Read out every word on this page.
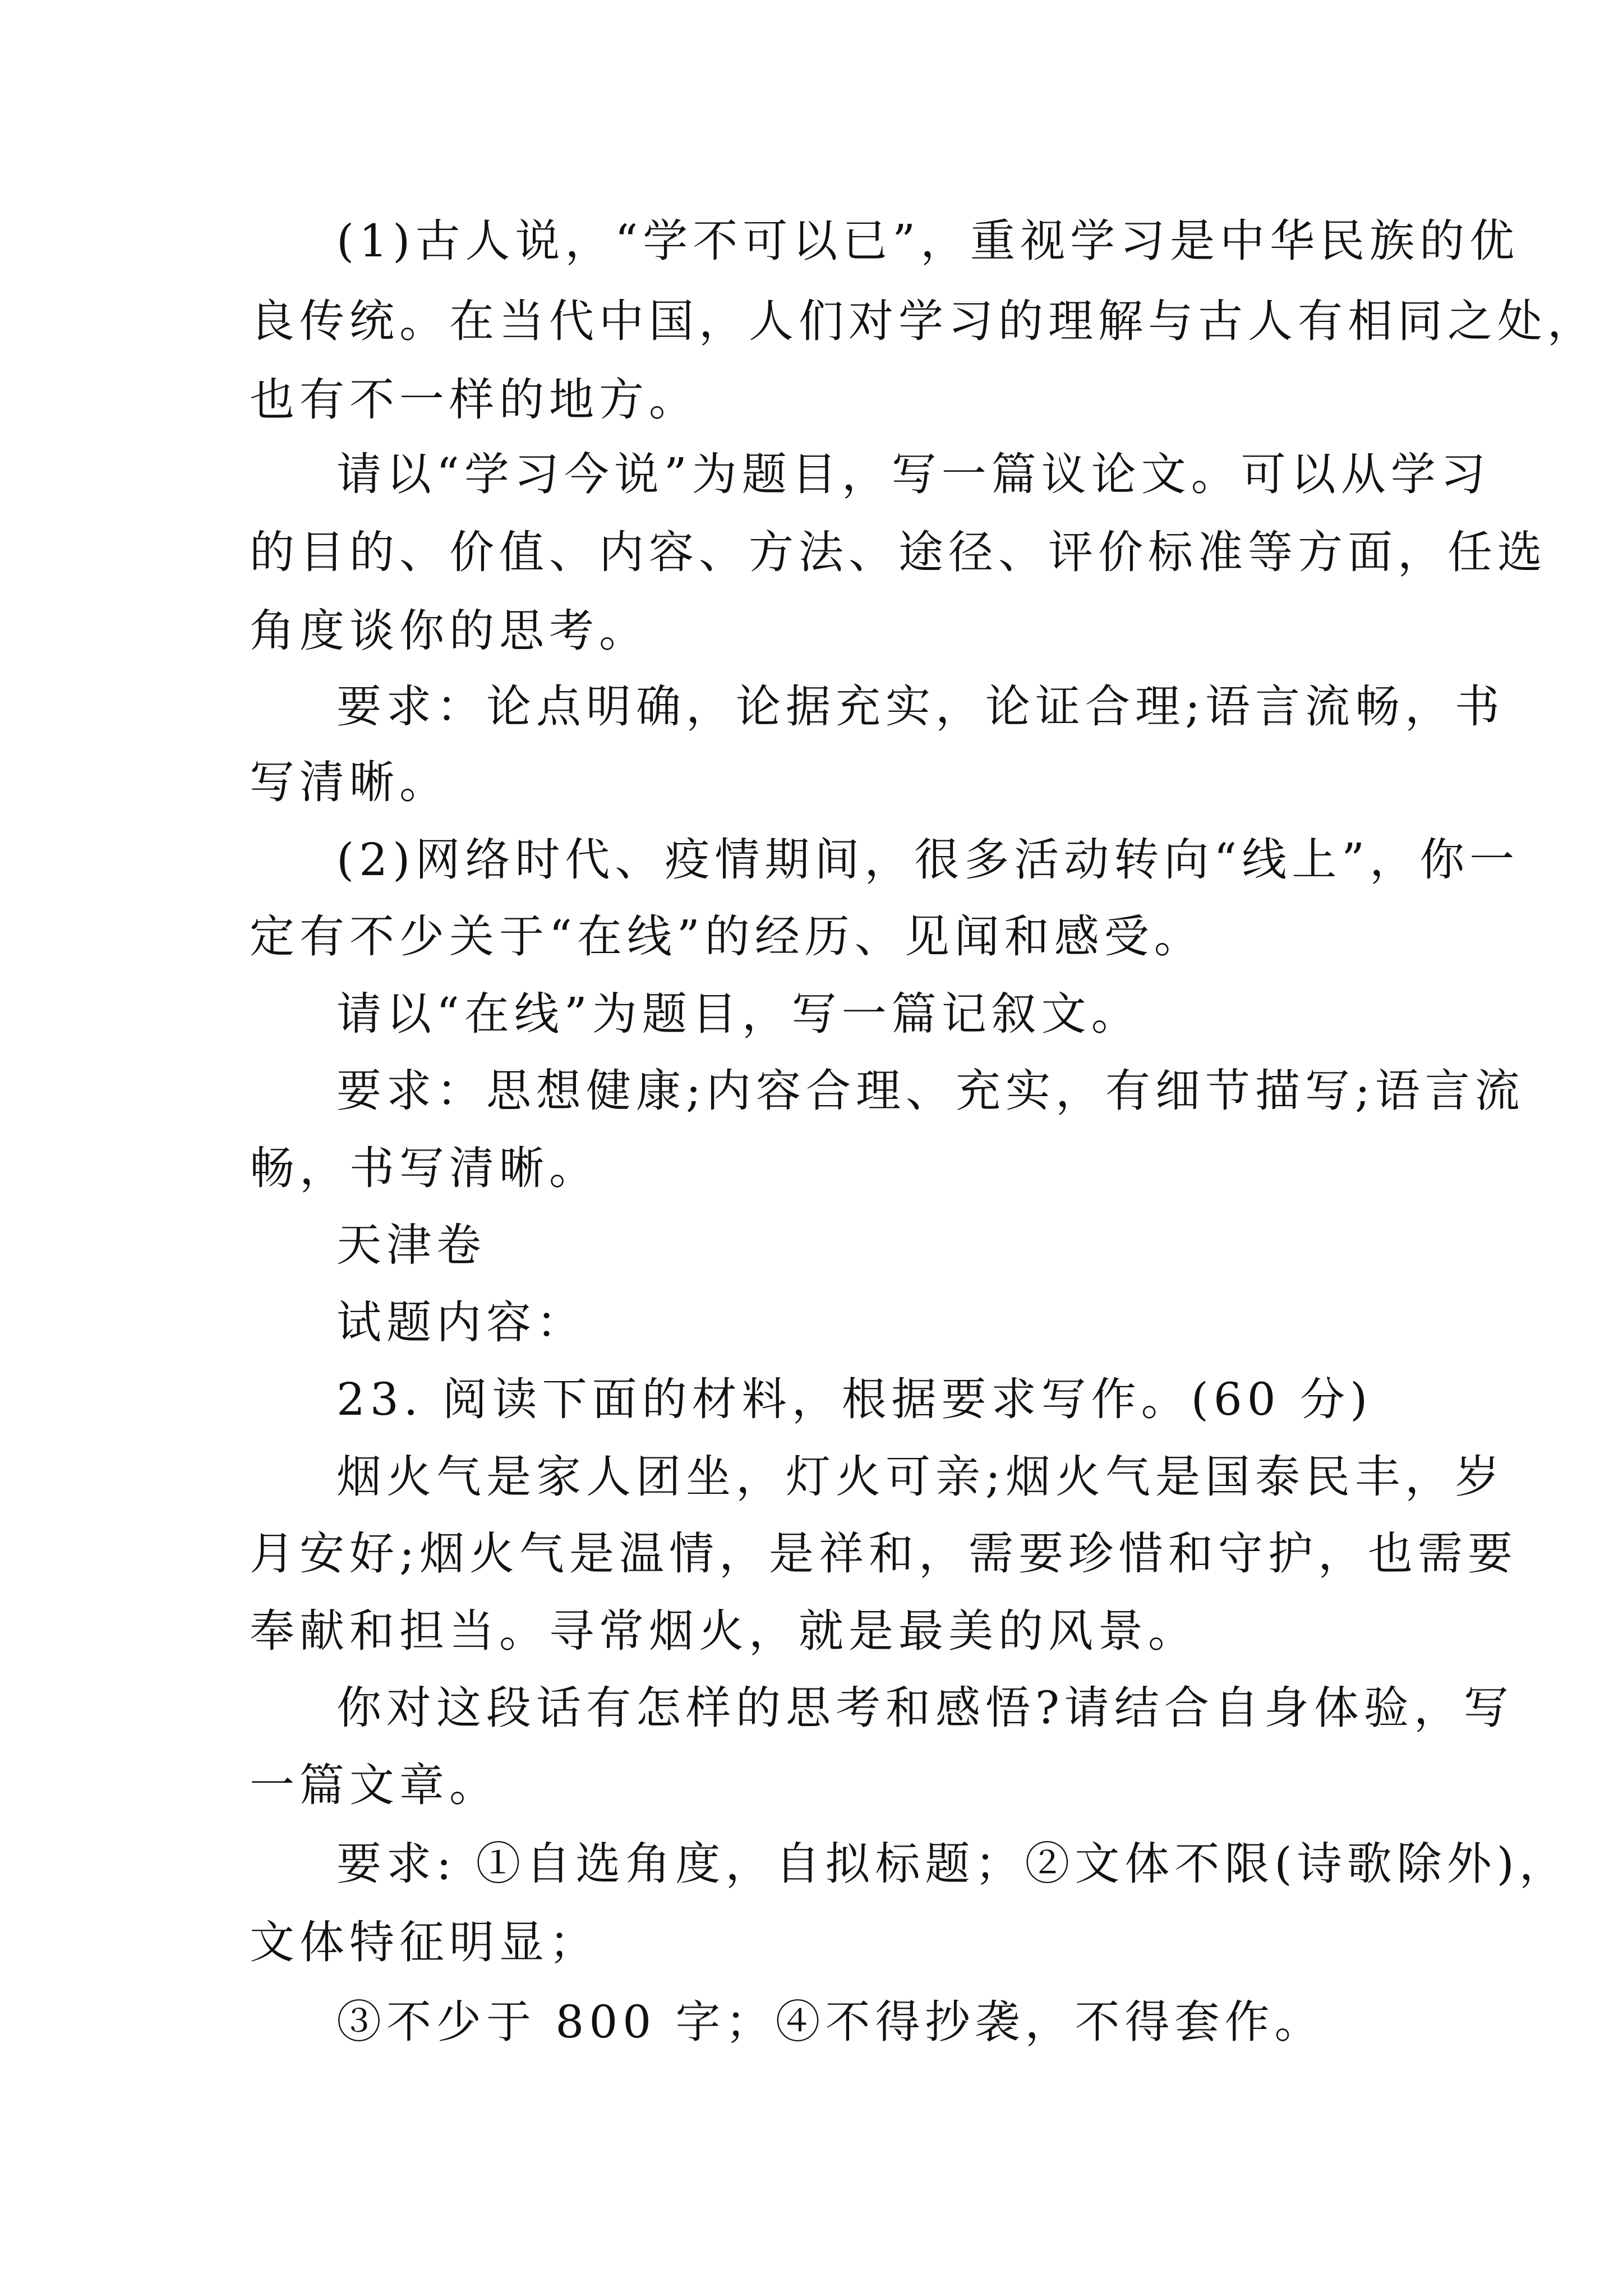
(1)古人说，“学不可以已”，重视学习是中华民族的优
良传统。在当代中国，人们对学习的理解与古人有相同之处，
也有不一样的地方。
请以“学习今说”为题目，写一篇议论文。可以从学习
的目的、价值、内容、方法、途径、评价标准等方面，任选
角度谈你的思考。
要求：论点明确，论据充实，论证合理;语言流畅，书
写清晰。
(2)网络时代、疫情期间，很多活动转向“线上”，你一
定有不少关于“在线”的经历、见闻和感受。
请以“在线”为题目，写一篇记叙文。
要求：思想健康;内容合理、充实，有细节描写;语言流
畅，书写清晰。
天津卷
试题内容：
23. 阅读下面的材料，根据要求写作。(60 分)
烟火气是家人团坐，灯火可亲;烟火气是国泰民丰，岁
月安好;烟火气是温情，是祥和，需要珍惜和守护，也需要
奉献和担当。寻常烟火，就是最美的风景。
你对这段话有怎样的思考和感悟?请结合自身体验，写
一篇文章。
要求: ①自选角度，自拟标题；②文体不限(诗歌除外)，
文体特征明显；
③不少于 800 字；④不得抄袭，不得套作。
